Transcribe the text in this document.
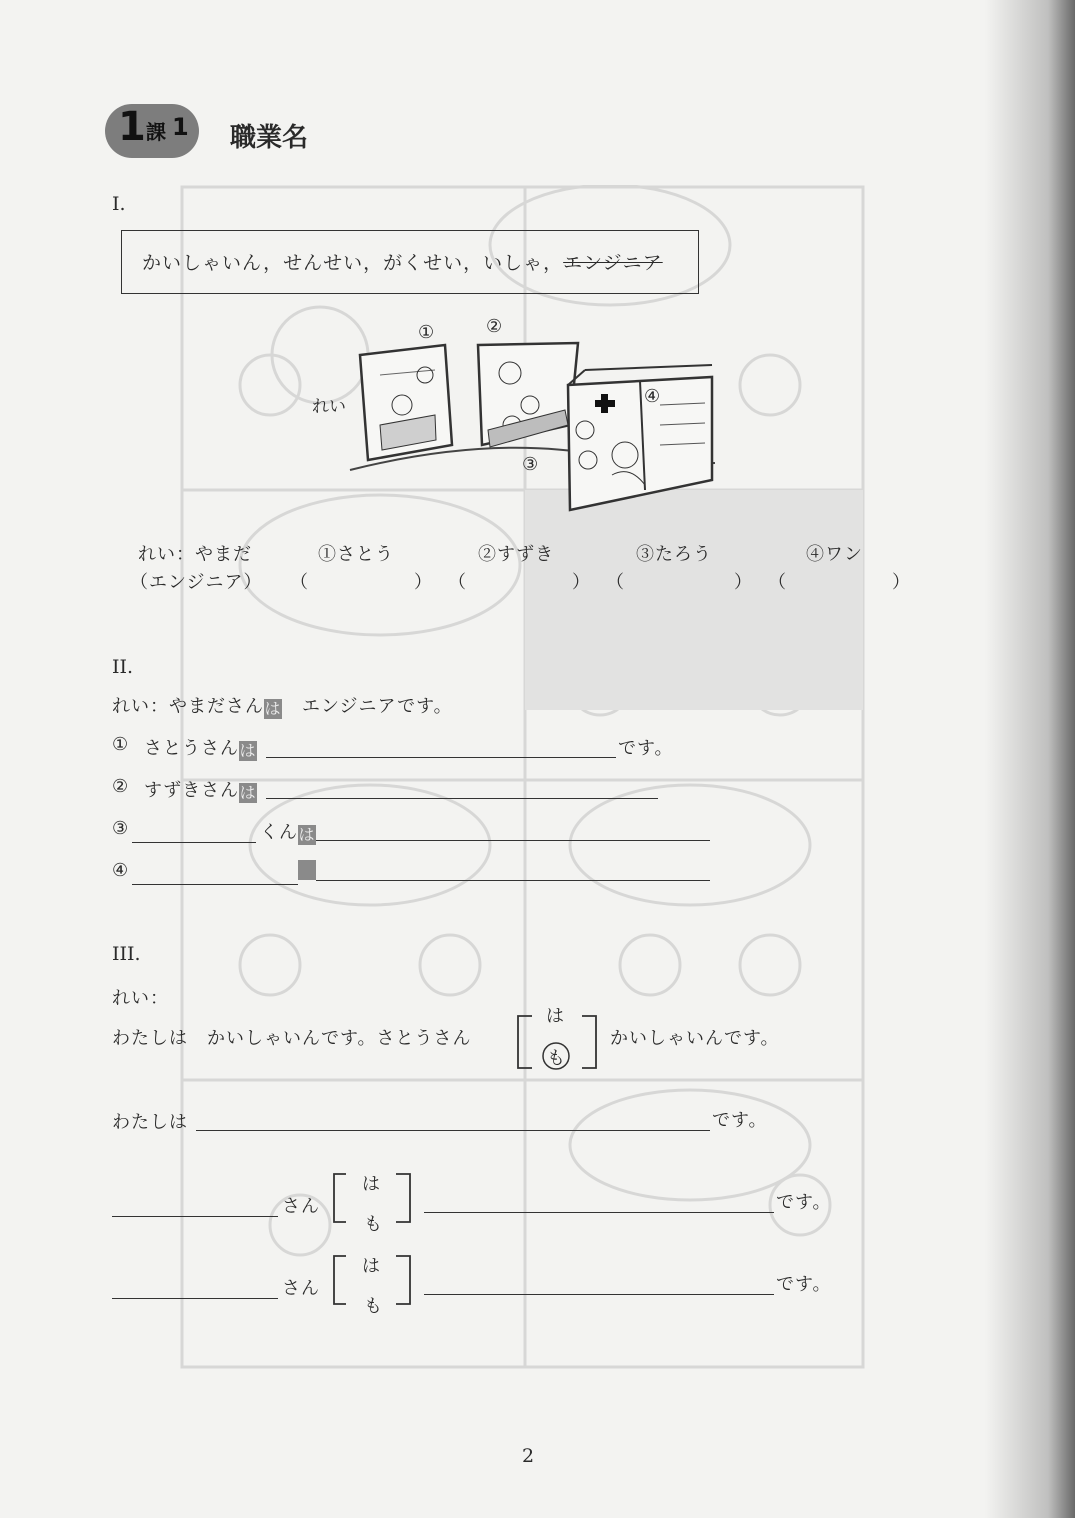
1 課 1 職業名
I.
かいしゃいん，せんせい，がくせい，いしゃ，エンジニア
れい
①	②
③
④
れい：やまだ	①さとう	②すずき	③たろう	④ワン
（エンジニア） （	） （	） （	） （	）
II.
れい：やまださんは エンジニアです。
① さとうさんは	です。
② すずきさんは
③	くんは
④
III.
れい：
わたしは　かいしゃいんです。さとうさん
は
も
かいしゃいんです。
わたしは	です。
さん
は
も
です。
さん
は
も
です。
2
